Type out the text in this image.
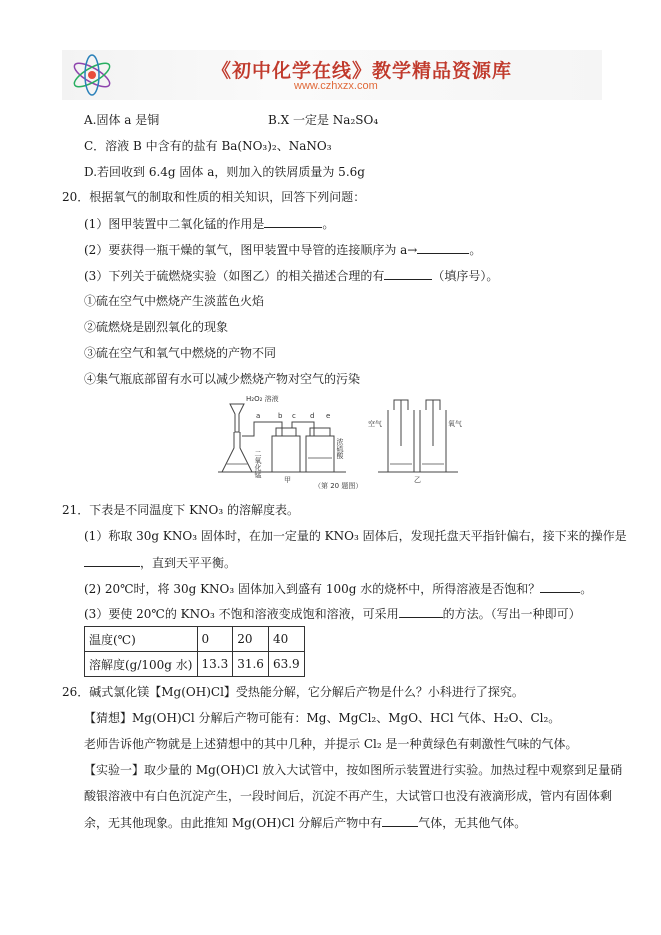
《初中化学在线》教学精品资源库
www.czhxzx.com
A.固体 a 是铜	B.X 一定是 Na₂SO₄
C．溶液 B 中含有的盐有 Ba(NO₃)₂、NaNO₃
D.若回收到 6.4g 固体 a，则加入的铁屑质量为 5.6g
20．根据氧气的制取和性质的相关知识，回答下列问题：
(1）图甲装置中二氧化锰的作用是	。
(2）要获得一瓶干燥的氧气，图甲装置中导管的连接顺序为 a→	。
(3）下列关于硫燃烧实验（如图乙）的相关描述合理的有	（填序号）。
①硫在空气中燃烧产生淡蓝色火焰
②硫燃烧是剧烈氧化的现象
③硫在空气和氧气中燃烧的产物不同
④集气瓶底部留有水可以减少燃烧产物对空气的污染
H₂O₂ 溶液
a	b c d e
二氧化锰
浓硫酸
甲
空气	氧气
乙
（第 20 题图）
21．下表是不同温度下 KNO₃ 的溶解度表。
(1）称取 30g KNO₃ 固体时，在加一定量的 KNO₃ 固体后，发现托盘天平指针偏右，接下来的操作是
，直到天平平衡。
(2) 20℃时，将 30g KNO₃ 固体加入到盛有 100g 水的烧杯中，所得溶液是否饱和？	。
(3）要使 20℃的 KNO₃ 不饱和溶液变成饱和溶液，可采用	的方法。（写出一种即可）
温度(℃)	0	20	40
溶解度(g/100g 水)	13.3	31.6	63.9
26．碱式氯化镁【Mg(OH)Cl】受热能分解，它分解后产物是什么？小科进行了探究。
【猜想】Mg(OH)Cl 分解后产物可能有：Mg、MgCl₂、MgO、HCl 气体、H₂O、Cl₂。
老师告诉他产物就是上述猜想中的其中几种，并提示 Cl₂ 是一种黄绿色有刺激性气味的气体。
【实验一】取少量的 Mg(OH)Cl 放入大试管中，按如图所示装置进行实验。加热过程中观察到足量硝
酸银溶液中有白色沉淀产生，一段时间后，沉淀不再产生，大试管口也没有液滴形成，管内有固体剩
余，无其他现象。由此推知 Mg(OH)Cl 分解后产物中有	气体，无其他气体。
